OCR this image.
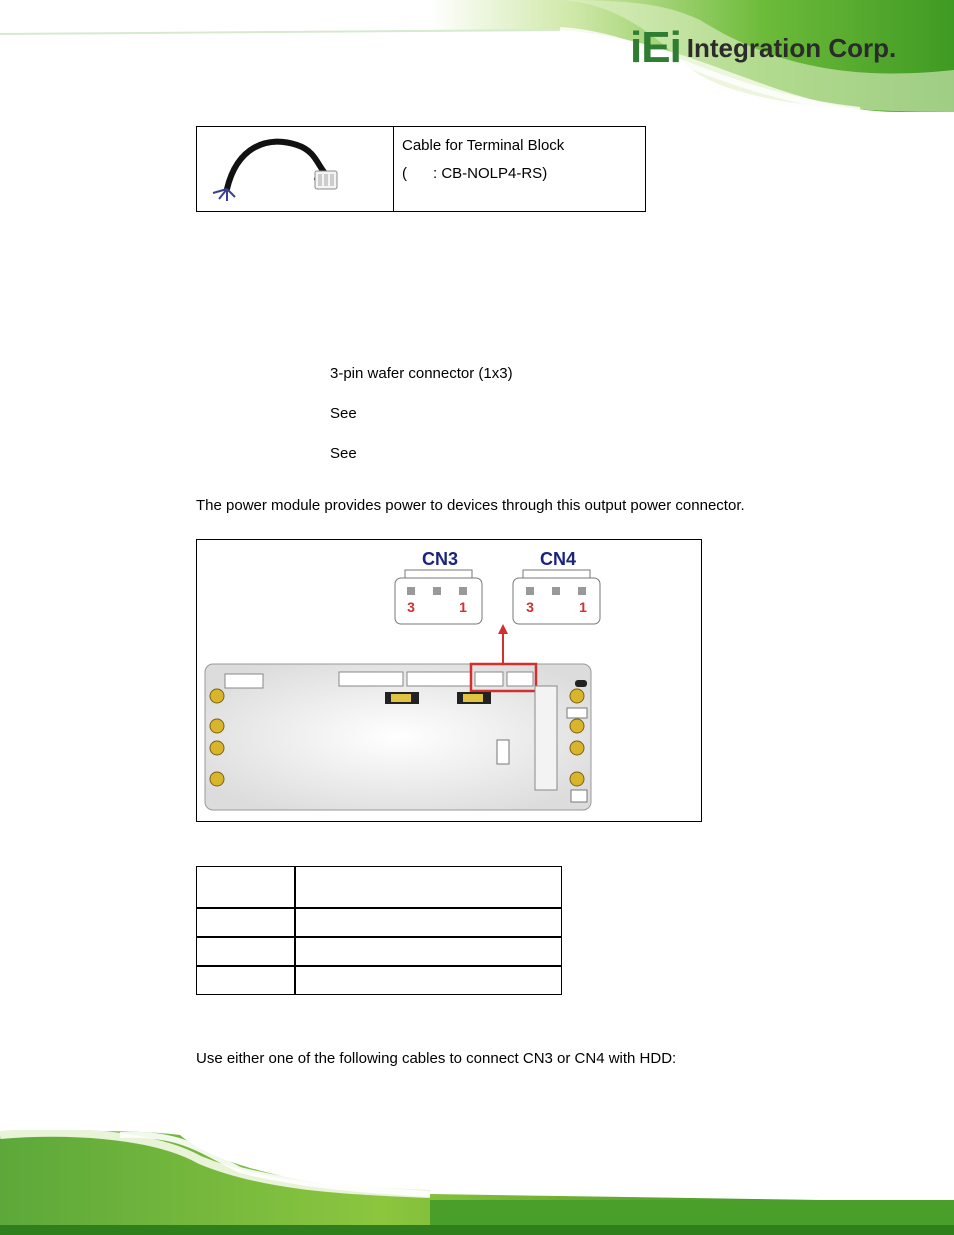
iEi Integration Corp.
Cable for Terminal Block
( : CB-NOLP4-RS)
3-pin wafer connector (1x3)
See
See
The power module provides power to devices through this output power connector.
CN3
3	1
CN4
3	1

Use either one of the following cables to connect CN3 or CN4 with HDD:
